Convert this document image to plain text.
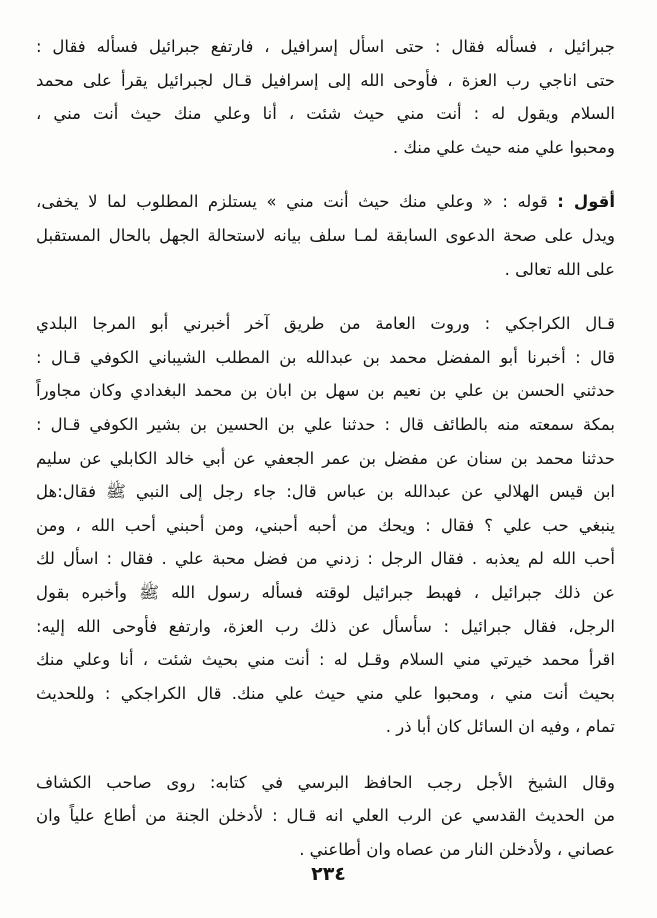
جبرائيل ، فسأله فقال : حتى اسأل إسرافيل ، فارتفع جبرائيل فسأله فقال :
حتى اناجي رب العزة ، فأوحى الله إلى إسرافيل قـال لجبرائيل يقرأ على محمد
السلام ويقول له : أنت مني حيث شئت ، أنا وعلي منك حيث أنت مني ،
ومحبوا علي منه حيث علي منك .

أقول : قوله : « وعلي منك حيث أنت مني » يستلزم المطلوب لما لا يخفى،
ويدل على صحة الدعوى السابقة لمـا سلف بيانه لاستحالة الجهل بالحال المستقبل
على الله تعالى .

قـال الكراجكي : وروت العامة من طريق آخر أخبرني أبو المرجا البلدي
قال : أخبرنا أبو المفضل محمد بن عبدالله بن المطلب الشيباني الكوفي قـال :
حدثني الحسن بن علي بن نعيم بن سهل بن ابان بن محمد البغدادي وكان مجاوراً
بمكة سمعته منه بالطائف قال : حدثنا علي بن الحسين بن بشير الكوفي قـال :
حدثنا محمد بن سنان عن مفضل بن عمر الجعفي عن أبي خالد الكابلي عن سليم
ابن قيس الهلالي عن عبدالله بن عباس قال: جاء رجل إلى النبي ﷺ فقال:هل
ينبغي حب علي ؟ فقال : ويحك من أحبه أحبني، ومن أحبني أحب الله ، ومن
أحب الله لم يعذبه . فقال الرجل : زدني من فضل محبة علي . فقال : اسأل لك
عن ذلك جبرائيل ، فهبط جبرائيل لوقته فسأله رسول الله ﷺ وأخبره بقول
الرجل، فقال جبرائيل : سأسأل عن ذلك رب العزة، وارتفع فأوحى الله إليه:
اقرأ محمد خيرتي مني السلام وقـل له : أنت مني بحيث شئت ، أنا وعلي منك
بحيث أنت مني ، ومحبوا علي مني حيث علي منك. قال الكراجكي : وللحديث
تمام ، وفيه ان السائل كان أبا ذر .

وقال الشيخ الأجل رجب الحافظ البرسي في كتابه: روى صاحب الكشاف
من الحديث القدسي عن الرب العلي انه قـال : لأدخلن الجنة من أطاع علياً وان
عصاني ، ولأدخلن النار من عصاه وان أطاعني .

٢٣٤
